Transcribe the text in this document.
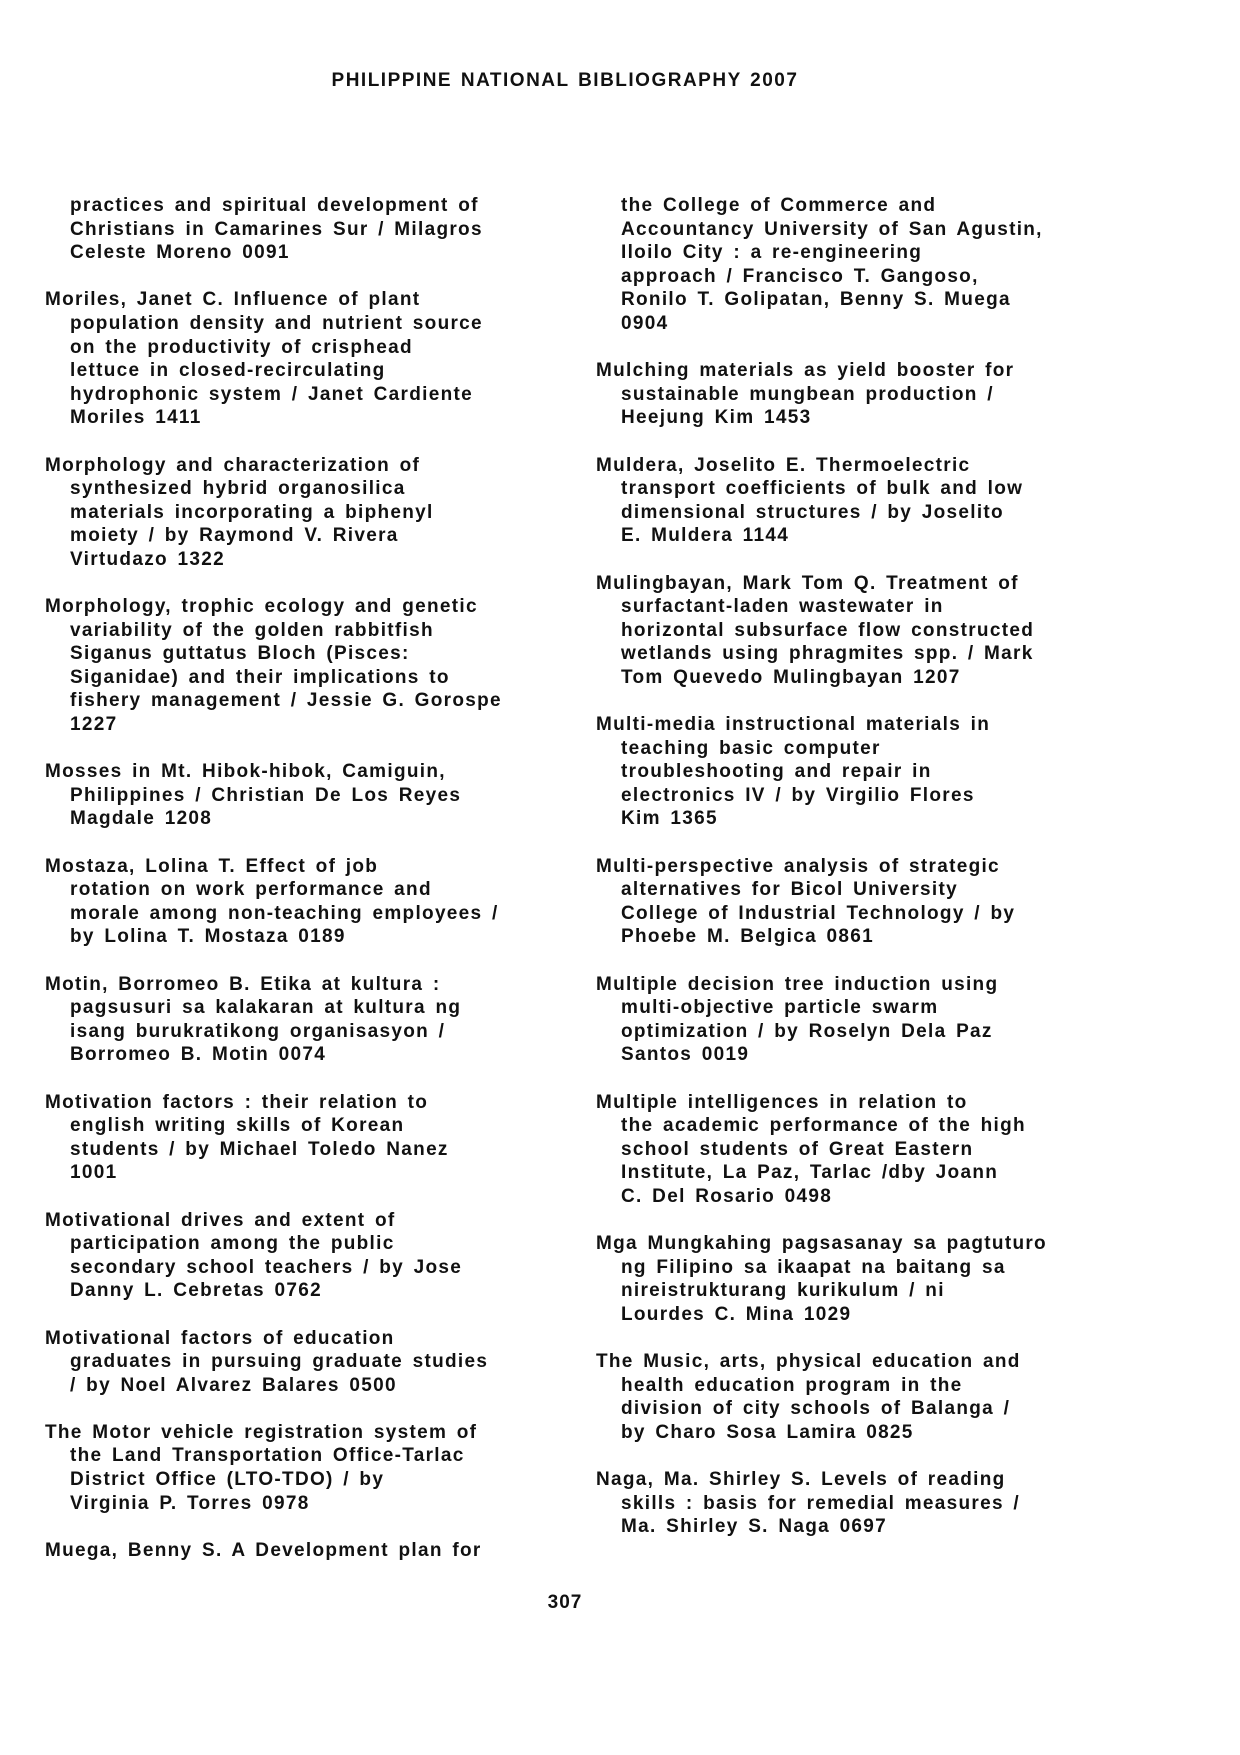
PHILIPPINE NATIONAL BIBLIOGRAPHY 2007

practices and spiritual development of
Christians in Camarines Sur / Milagros
Celeste Moreno 0091

Moriles, Janet C. Influence of plant
population density and nutrient source
on the productivity of crisphead
lettuce in closed-recirculating
hydrophonic system / Janet Cardiente
Moriles 1411

Morphology and characterization of
synthesized hybrid organosilica
materials incorporating a biphenyl
moiety / by Raymond V. Rivera
Virtudazo 1322

Morphology, trophic ecology and genetic
variability of the golden rabbitfish
Siganus guttatus Bloch (Pisces:
Siganidae) and their implications to
fishery management / Jessie G. Gorospe
1227

Mosses in Mt. Hibok-hibok, Camiguin,
Philippines / Christian De Los Reyes
Magdale 1208

Mostaza, Lolina T. Effect of job
rotation on work performance and
morale among non-teaching employees /
by Lolina T. Mostaza 0189

Motin, Borromeo B. Etika at kultura :
pagsusuri sa kalakaran at kultura ng
isang burukratikong organisasyon /
Borromeo B. Motin 0074

Motivation factors : their relation to
english writing skills of Korean
students / by Michael Toledo Nanez
1001

Motivational drives and extent of
participation among the public
secondary school teachers / by Jose
Danny L. Cebretas 0762

Motivational factors of education
graduates in pursuing graduate studies
/ by Noel Alvarez Balares 0500

The Motor vehicle registration system of
the Land Transportation Office-Tarlac
District Office (LTO-TDO) / by
Virginia P. Torres 0978

Muega, Benny S. A Development plan for

the College of Commerce and
Accountancy University of San Agustin,
Iloilo City : a re-engineering
approach / Francisco T. Gangoso,
Ronilo T. Golipatan, Benny S. Muega
0904

Mulching materials as yield booster for
sustainable mungbean production /
Heejung Kim 1453

Muldera, Joselito E. Thermoelectric
transport coefficients of bulk and low
dimensional structures / by Joselito
E. Muldera 1144

Mulingbayan, Mark Tom Q. Treatment of
surfactant-laden wastewater in
horizontal subsurface flow constructed
wetlands using phragmites spp. / Mark
Tom Quevedo Mulingbayan 1207

Multi-media instructional materials in
teaching basic computer
troubleshooting and repair in
electronics IV / by Virgilio Flores
Kim 1365

Multi-perspective analysis of strategic
alternatives for Bicol University
College of Industrial Technology / by
Phoebe M. Belgica 0861

Multiple decision tree induction using
multi-objective particle swarm
optimization / by Roselyn Dela Paz
Santos 0019

Multiple intelligences in relation to
the academic performance of the high
school students of Great Eastern
Institute, La Paz, Tarlac /dby Joann
C. Del Rosario 0498

Mga Mungkahing pagsasanay sa pagtuturo
ng Filipino sa ikaapat na baitang sa
nireistrukturang kurikulum / ni
Lourdes C. Mina 1029

The Music, arts, physical education and
health education program in the
division of city schools of Balanga /
by Charo Sosa Lamira 0825

Naga, Ma. Shirley S. Levels of reading
skills : basis for remedial measures /
Ma. Shirley S. Naga 0697

307
